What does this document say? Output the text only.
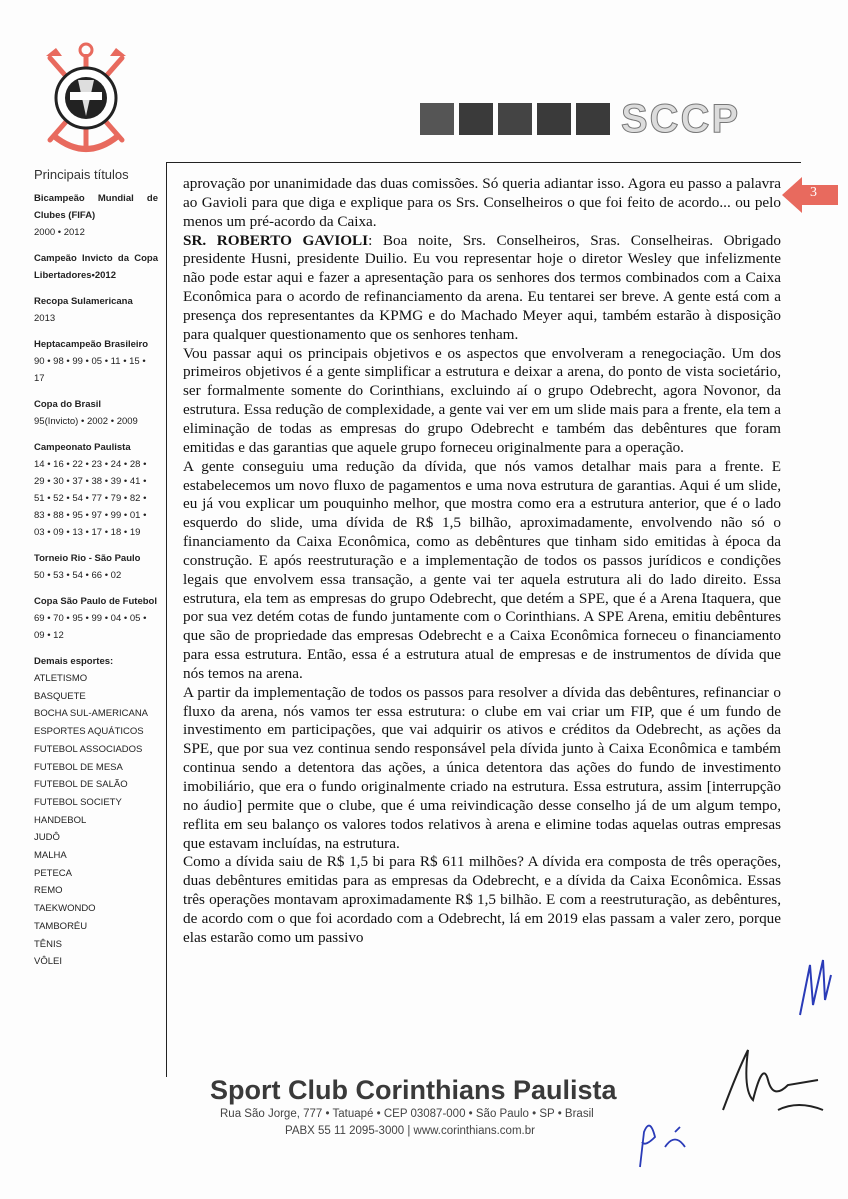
SCCP
Principais títulos
Bicampeão Mundial de Clubes (FIFA)
2000 • 2012
Campeão Invicto da Copa Libertadores•2012
Recopa Sulamericana
2013
Heptacampeão Brasileiro
90 • 98 • 99 • 05 • 11 • 15 • 17
Copa do Brasil
95(Invicto) • 2002 • 2009
Campeonato Paulista
14 • 16 • 22 • 23 • 24 • 28 • 29 • 30 • 37 • 38 • 39 • 41 • 51 • 52 • 54 • 77 • 79 • 82 • 83 • 88 • 95 • 97 • 99 • 01 • 03 • 09 • 13 • 17 • 18 • 19
Torneio Rio - São Paulo
50 • 53 • 54 • 66 • 02
Copa São Paulo de Futebol
69 • 70 • 95 • 99 • 04 • 05 • 09 • 12
Demais esportes:
ATLETISMO
BASQUETE
BOCHA SUL-AMERICANA
ESPORTES AQUÁTICOS
FUTEBOL ASSOCIADOS
FUTEBOL DE MESA
FUTEBOL DE SALÃO
FUTEBOL SOCIETY
HANDEBOL
JUDÔ
MALHA
PETECA
REMO
TAEKWONDO
TAMBORÉU
TÊNIS
VÔLEI
3

aprovação por unanimidade das duas comissões. Só queria adiantar isso. Agora eu passo a palavra ao Gavioli para que diga e explique para os Srs. Conselheiros o que foi feito de acordo... ou pelo menos um pré-acordo da Caixa.

SR. ROBERTO GAVIOLI: Boa noite, Srs. Conselheiros, Sras. Conselheiras. Obrigado presidente Husni, presidente Duilio. Eu vou representar hoje o diretor Wesley que infelizmente não pode estar aqui e fazer a apresentação para os senhores dos termos combinados com a Caixa Econômica para o acordo de refinanciamento da arena. Eu tentarei ser breve. A gente está com a presença dos representantes da KPMG e do Machado Meyer aqui, também estarão à disposição para qualquer questionamento que os senhores tenham.

Vou passar aqui os principais objetivos e os aspectos que envolveram a renegociação. Um dos primeiros objetivos é a gente simplificar a estrutura e deixar a arena, do ponto de vista societário, ser formalmente somente do Corinthians, excluindo aí o grupo Odebrecht, agora Novonor, da estrutura. Essa redução de complexidade, a gente vai ver em um slide mais para a frente, ela tem a eliminação de todas as empresas do grupo Odebrecht e também das debêntures que foram emitidas e das garantias que aquele grupo forneceu originalmente para a operação.

A gente conseguiu uma redução da dívida, que nós vamos detalhar mais para a frente. E estabelecemos um novo fluxo de pagamentos e uma nova estrutura de garantias. Aqui é um slide, eu já vou explicar um pouquinho melhor, que mostra como era a estrutura anterior, que é o lado esquerdo do slide, uma dívida de R$ 1,5 bilhão, aproximadamente, envolvendo não só o financiamento da Caixa Econômica, como as debêntures que tinham sido emitidas à época da construção. E após reestruturação e a implementação de todos os passos jurídicos e condições legais que envolvem essa transação, a gente vai ter aquela estrutura ali do lado direito. Essa estrutura, ela tem as empresas do grupo Odebrecht, que detém a SPE, que é a Arena Itaquera, que por sua vez detém cotas de fundo juntamente com o Corinthians. A SPE Arena, emitiu debêntures que são de propriedade das empresas Odebrecht e a Caixa Econômica forneceu o financiamento para essa estrutura. Então, essa é a estrutura atual de empresas e de instrumentos de dívida que nós temos na arena.

A partir da implementação de todos os passos para resolver a dívida das debêntures, refinanciar o fluxo da arena, nós vamos ter essa estrutura: o clube em vai criar um FIP, que é um fundo de investimento em participações, que vai adquirir os ativos e créditos da Odebrecht, as ações da SPE, que por sua vez continua sendo responsável pela dívida junto à Caixa Econômica e também continua sendo a detentora das ações, a única detentora das ações do fundo de investimento imobiliário, que era o fundo originalmente criado na estrutura. Essa estrutura, assim [interrupção no áudio] permite que o clube, que é uma reivindicação desse conselho já de um algum tempo, reflita em seu balanço os valores todos relativos à arena e elimine todas aquelas outras empresas que estavam incluídas, na estrutura.

Como a dívida saiu de R$ 1,5 bi para R$ 611 milhões? A dívida era composta de três operações, duas debêntures emitidas para as empresas da Odebrecht, e a dívida da Caixa Econômica. Essas três operações montavam aproximadamente R$ 1,5 bilhão. E com a reestruturação, as debêntures, de acordo com o que foi acordado com a Odebrecht, lá em 2019 elas passam a valer zero, porque elas estarão como um passivo

Sport Club Corinthians Paulista
Rua São Jorge, 777 • Tatuapé • CEP 03087-000 • São Paulo • SP • Brasil
PABX 55 11 2095-3000 | www.corinthians.com.br
